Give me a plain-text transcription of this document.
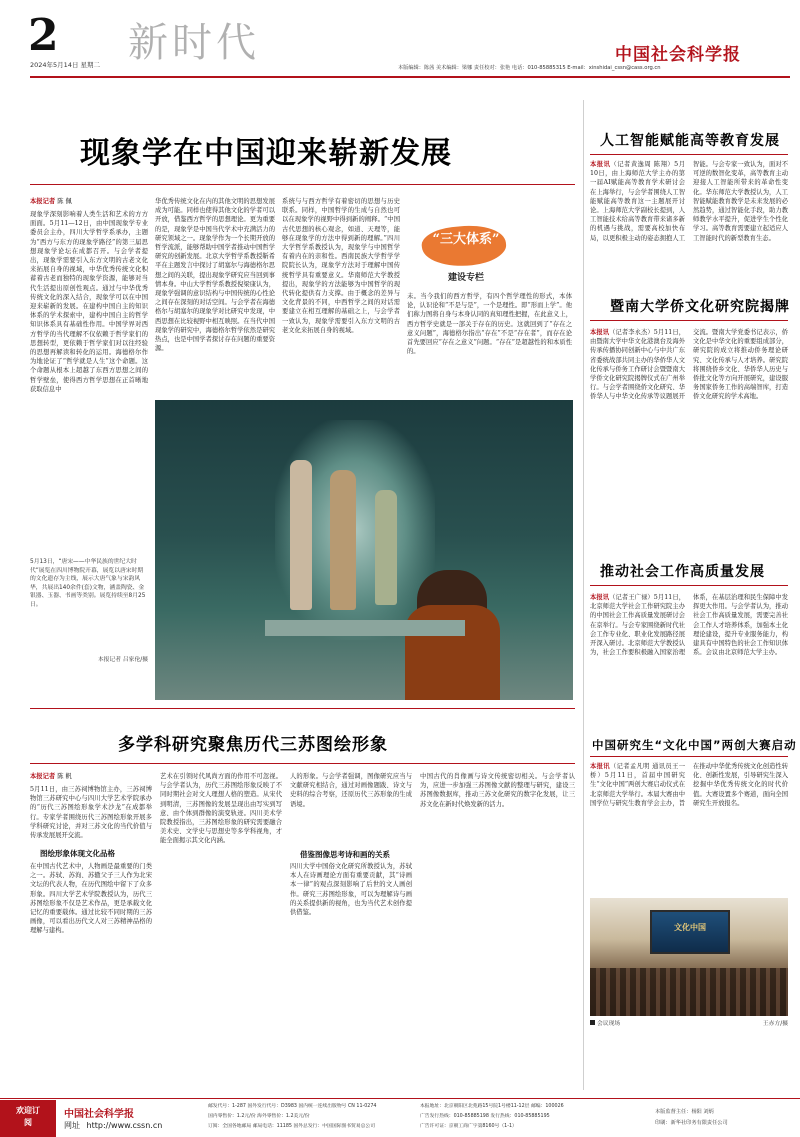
2
2024年5月14日 星期二 新时代	中国社会科学报
本版编辑：陈茜 美术编辑：梁娜 责任校对：张艳 电话：010-85885315 E-mail：xinshidai_cssn@cass.org.cn
现象学在中国迎来崭新发展
“三大体系”
建设专栏
本报记者 陈 佩
现象学深刻影响着人类生活和艺术的方方面面。5月11—12日，由中国现象学专业委员会主办，四川大学哲学系承办，主题为“西方与东方的现象学路径”的第三届思想现象学论坛在成都召开。与会学者提出，现象学需要引入东方文明的古老文化来拓展自身的视域，中华优秀传统文化积蓄着古老而独特的现象学资源，能够对当代生活提出原创性观点。通过与中华优秀传统文化的深入结合，现象学可以在中国迎来崭新的发展。在建构中国自主的知识体系的学术探索中，建构中国自主的哲学知识体系具有基础性作用。中国学界对西方哲学的当代理解不仅依赖于哲学家们的思想转型，更依赖于哲学家们对以往经验的思想再解读和转化的运用。海德格尔作为地论证了“哲学就是人生”这个命题。这个命题从根本上超越了东西方思想之间的哲学壁垒，使得西方哲学思想在正首晰地获取信息中
华优秀传统文化在内的其他文明的思想发展成为可能。同样也使得其他文化的学者可以开放，借鉴西方哲学的思想理论。更为重要的是，现象学是中国当代学术中充满活力的研究领域之一。现象学作为一个长期开放的哲学流派，能够帮助中国学者推动中国哲学研究的创新发展。北京大学哲学系教授靳希平在主题发言中探讨了胡塞尔与海德格尔思想之间的关联，提出现象学研究应当回到事情本身。中山大学哲学系教授倪梁康认为，现象学强调的意识结构与中国传统的心性论之间存在深刻的对话空间。与会学者在海德格尔与胡塞尔的现象学对比研究中发现，中西思想在比较视野中相互映照。在当代中国现象学的研究中，海德格尔哲学依然是研究热点，也是中国学者探讨存在问题的重要资源。
系统与与西方哲学有着密切的思想与历史联系。同样，中国哲学的生成与自然也可以在现象学的视野中得到新的阐释。“中国古代思想的核心观念，如道、天理等，能够在现象学的方法中得到新的理解。”四川大学哲学系教授认为，现象学与中国哲学有着内在的亲和性。西南民族大学哲学学院院长认为，现象学方法对于理解中国传统哲学具有重要意义。华南师范大学教授提出，现象学的方法能够为中国哲学的现代转化提供有力支撑。由于概念的差异与文化背景的不同，中西哲学之间的对话需要建立在相互理解的基础之上，与会学者一致认为，现象学需要引入东方文明的古老文化来拓展自身的视域。
未。当今我们的西方哲学，有四个哲学理性的形式，本体论，认识论和“不是与是”，一个是理性。即“形而上学”。他们称力图将自身与本身认同的真知理性把握，在此意义上，西方哲学史就是一部关于存在的历史。这就回到了“存在之意义问题”，海德格尔指出“存在”不是“存在者”，而存在论首先要回应“存在之意义”问题。“存在”是超越性的和本质性的。
5月13日，“唐宋——中华民族的世纪大时代”展览在四川博物院开幕，展览以唐宋时期的文化遗存为主线，展示大唐气象与宋韵风华，共展出140余件(套)文物，涵盖陶瓷、金银器、玉器、书画等类别。展览持续至8月25日。
本报记者 吕家伦/摄
人工智能赋能高等教育发展
本报讯（记者黄逸周 陈翔）5月10日，由上海师范大学主办的第一届AI赋能高等教育学术研讨会在上海举行，与会学者围绕人工智能赋能高等教育这一主题展开讨论。上海师范大学副校长提到，人工智能技术给高等教育带来诸多新的机遇与挑战，需要高校加快布局，以更积极主动的姿态拥抱人工智能。与会专家一致认为，面对不可逆的数智化变革，高等教育主动迎接人工智能所带来的革命性变化。华东师范大学教授认为，人工智能赋能教育教学是未来发展的必然趋势，通过智能化手段，助力教师教学水平提升，促进学生个性化学习。高等教育需要建立起适应人工智能时代的新型教育生态。
暨南大学侨文化研究院揭牌
本报讯（记者李永杰）5月11日，由暨南大学中华文化港澳台及海外传承传播协同创新中心与中共广东省委统战部共同主办的华侨华人文化传承与侨务工作研讨会暨暨南大学侨文化研究院揭牌仪式在广州举行。与会学者围绕侨文化研究、华侨华人与中华文化传承等议题展开交流。暨南大学党委书记表示，侨文化是中华文化的重要组成部分，研究院的成立将推动侨务理论研究、文化传承与人才培养。研究院将围绕侨乡文化、华侨华人历史与侨批文化等方向开展研究，建设服务国家侨务工作的高端智库，打造侨文化研究的学术高地。
推动社会工作高质量发展
本报讯（记者王广禄）5月11日，北京师范大学社会工作研究院主办的中国社会工作高质量发展研讨会在京举行。与会专家围绕新时代社会工作专业化、职业化发展路径展开深入研讨。北京师范大学教授认为，社会工作要积极融入国家治理体系，在基层治理和民生保障中发挥更大作用。与会学者认为，推动社会工作高质量发展，需要完善社会工作人才培养体系，加强本土化理论建设，提升专业服务能力，构建具有中国特色的社会工作知识体系。会议由北京师范大学主办。
中国研究生“文化中国”两创大赛启动
本报讯（记者孟凡明 通讯员王一桥）5月11日，首届中国研究生“文化中国”两创大赛启动仪式在北京师范大学举行。本届大赛由中国学位与研究生教育学会主办，旨在推动中华优秀传统文化创造性转化、创新性发展，引导研究生深入挖掘中华优秀传统文化的时代价值。大赛设置多个赛道，面向全国研究生开放报名。
文化中国
会议现场	王赤方/摄
多学科研究聚焦历代三苏图绘形象
本报记者 陈 帆
5月11日，由三苏祠博物馆主办，三苏祠博物馆三苏研究中心与四川大学艺术学院承办的“历代三苏图绘形象学术沙龙”在成都举行。专家学者围绕历代三苏图绘形象开展多学科研究讨论，并对三苏文化的当代价值与传承发展展开交流。
图绘形象体现文化品格
在中国古代艺术中，人物画是最重要的门类之一。苏轼、苏洵、苏辙父子三人作为北宋文坛的代表人物，在历代图绘中留下了众多形象。四川大学艺术学院教授认为，历代三苏图绘形象不仅是艺术作品，更是承载文化记忆的重要载体。通过比较不同时期的三苏画像，可以看出历代文人对三苏精神品格的理解与建构。
艺术在引领时代风尚方面的作用不可忽视。与会学者认为，历代三苏图绘形象反映了不同时期社会对文人理想人格的塑造。从宋代到明清，三苏图像的发展呈现出由写实到写意、由个体到群像的演变轨迹。四川美术学院教授指出，三苏图绘形象的研究需要融合美术史、文学史与思想史等多学科视角，才能全面揭示其文化内涵。
人的形象。与会学者强调，图像研究应当与文献研究相结合，通过对画像题跋、诗文与史料的综合考察，还原历代三苏形象的生成语境。
借鉴图像思考诗和画的关系
四川大学中国俗文化研究所教授认为，苏轼本人在诗画理论方面有重要贡献，其“诗画本一律”的观点深刻影响了后世的文人画创作。研究三苏图绘形象，可以为理解诗与画的关系提供新的视角，也为当代艺术创作提供借鉴。
中国古代的肖像画与诗文传统密切相关。与会学者认为，应进一步加强三苏图像文献的整理与研究，建设三苏图像数据库，推动三苏文化研究的数字化发展，让三苏文化在新时代焕发新的活力。
欢迎订阅
中国社会科学报
网址 http://www.cssn.cn
邮发代号：1-287 国外发行代号：D3983 国内统一连续出版物号 CN 11-0274
国内零售价：1.2元/份 海外零售价：1.2美元/份
订阅：全国各地邮局 邮局电话：11185 国外总发行：中国国际图书贸易总公司
本报地址：北京朝阳区北苑路15号院1号楼11-12层 邮编：100026
广告发行热线：010-85885198 发行热线：010-85885195
广告许可证：京朝工商广字第8160号（1-1）
本版监督主任：杨阳 刘炳
印刷：新华社印务有限责任公司
